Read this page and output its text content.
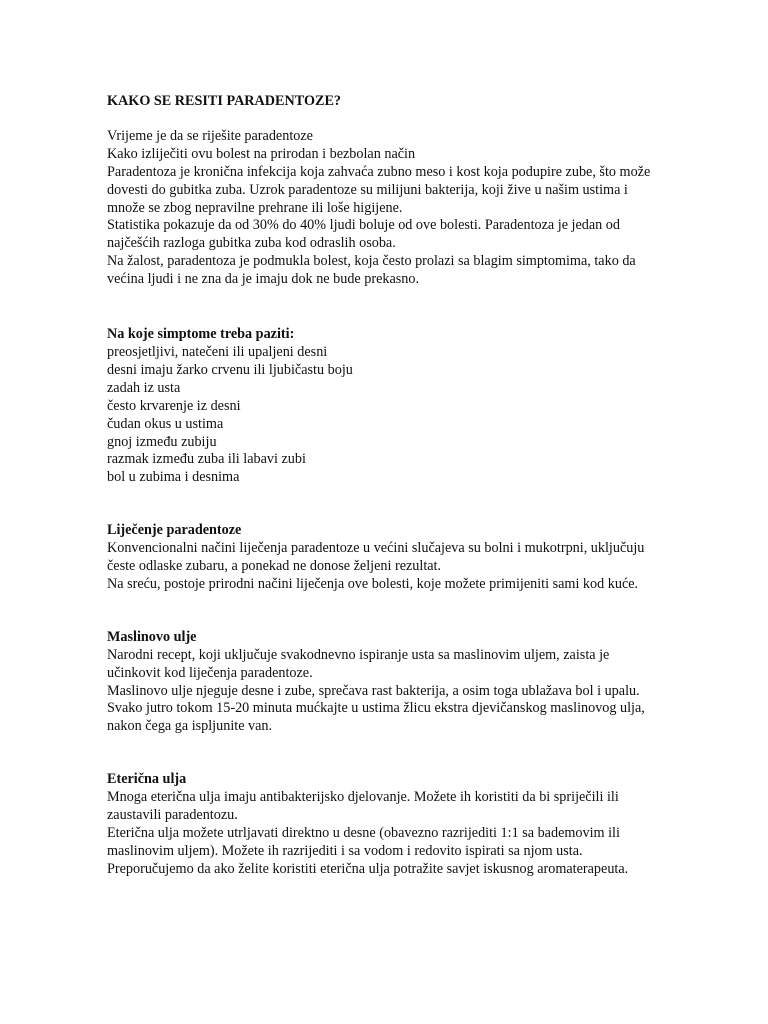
KAKO SE RESITI PARADENTOZE?

Vrijeme je da se riješite paradentoze

Kako izliječiti ovu bolest na prirodan i bezbolan način

Paradentoza je kronična infekcija koja zahvaća zubno meso i kost koja podupire zube, što može

dovesti do gubitka zuba. Uzrok paradentoze su milijuni bakterija, koji žive u našim ustima i

množe se zbog nepravilne prehrane ili loše higijene.

Statistika pokazuje da od 30% do 40% ljudi boluje od ove bolesti. Paradentoza je jedan od

najčešćih razloga gubitka zuba kod odraslih osoba.

Na žalost, paradentoza je podmukla bolest, koja često prolazi sa blagim simptomima, tako da

većina ljudi i ne zna da je imaju dok ne bude prekasno.

Na koje simptome treba paziti:

preosjetljivi, natečeni ili upaljeni desni

desni imaju žarko crvenu ili ljubičastu boju

zadah iz usta

često krvarenje iz desni

čudan okus u ustima

gnoj između zubiju

razmak između zuba ili labavi zubi

bol u zubima i desnima

Liječenje paradentoze

Konvencionalni načini liječenja paradentoze u većini slučajeva su bolni i mukotrpni, uključuju

česte odlaske zubaru, a ponekad ne donose željeni rezultat.

Na sreću, postoje prirodni načini liječenja ove bolesti, koje možete primijeniti sami kod kuće.

Maslinovo ulje

Narodni recept, koji uključuje svakodnevno ispiranje usta sa maslinovim uljem, zaista je

učinkovit kod liječenja paradentoze.

Maslinovo ulje njeguje desne i zube, sprečava rast bakterija, a osim toga ublažava bol i upalu.

Svako jutro tokom 15-20 minuta mućkajte u ustima žlicu ekstra djevičanskog maslinovog ulja,

nakon čega ga ispljunite van.

Eterična ulja

Mnoga eterična ulja imaju antibakterijsko djelovanje. Možete ih koristiti da bi spriječili ili

zaustavili paradentozu.

Eterična ulja možete utrljavati direktno u desne (obavezno razrijediti 1:1 sa bademovim ili

maslinovim uljem). Možete ih razrijediti i sa vodom i redovito ispirati sa njom usta.

Preporučujemo da ako želite koristiti eterična ulja potražite savjet iskusnog aromaterapeuta.
